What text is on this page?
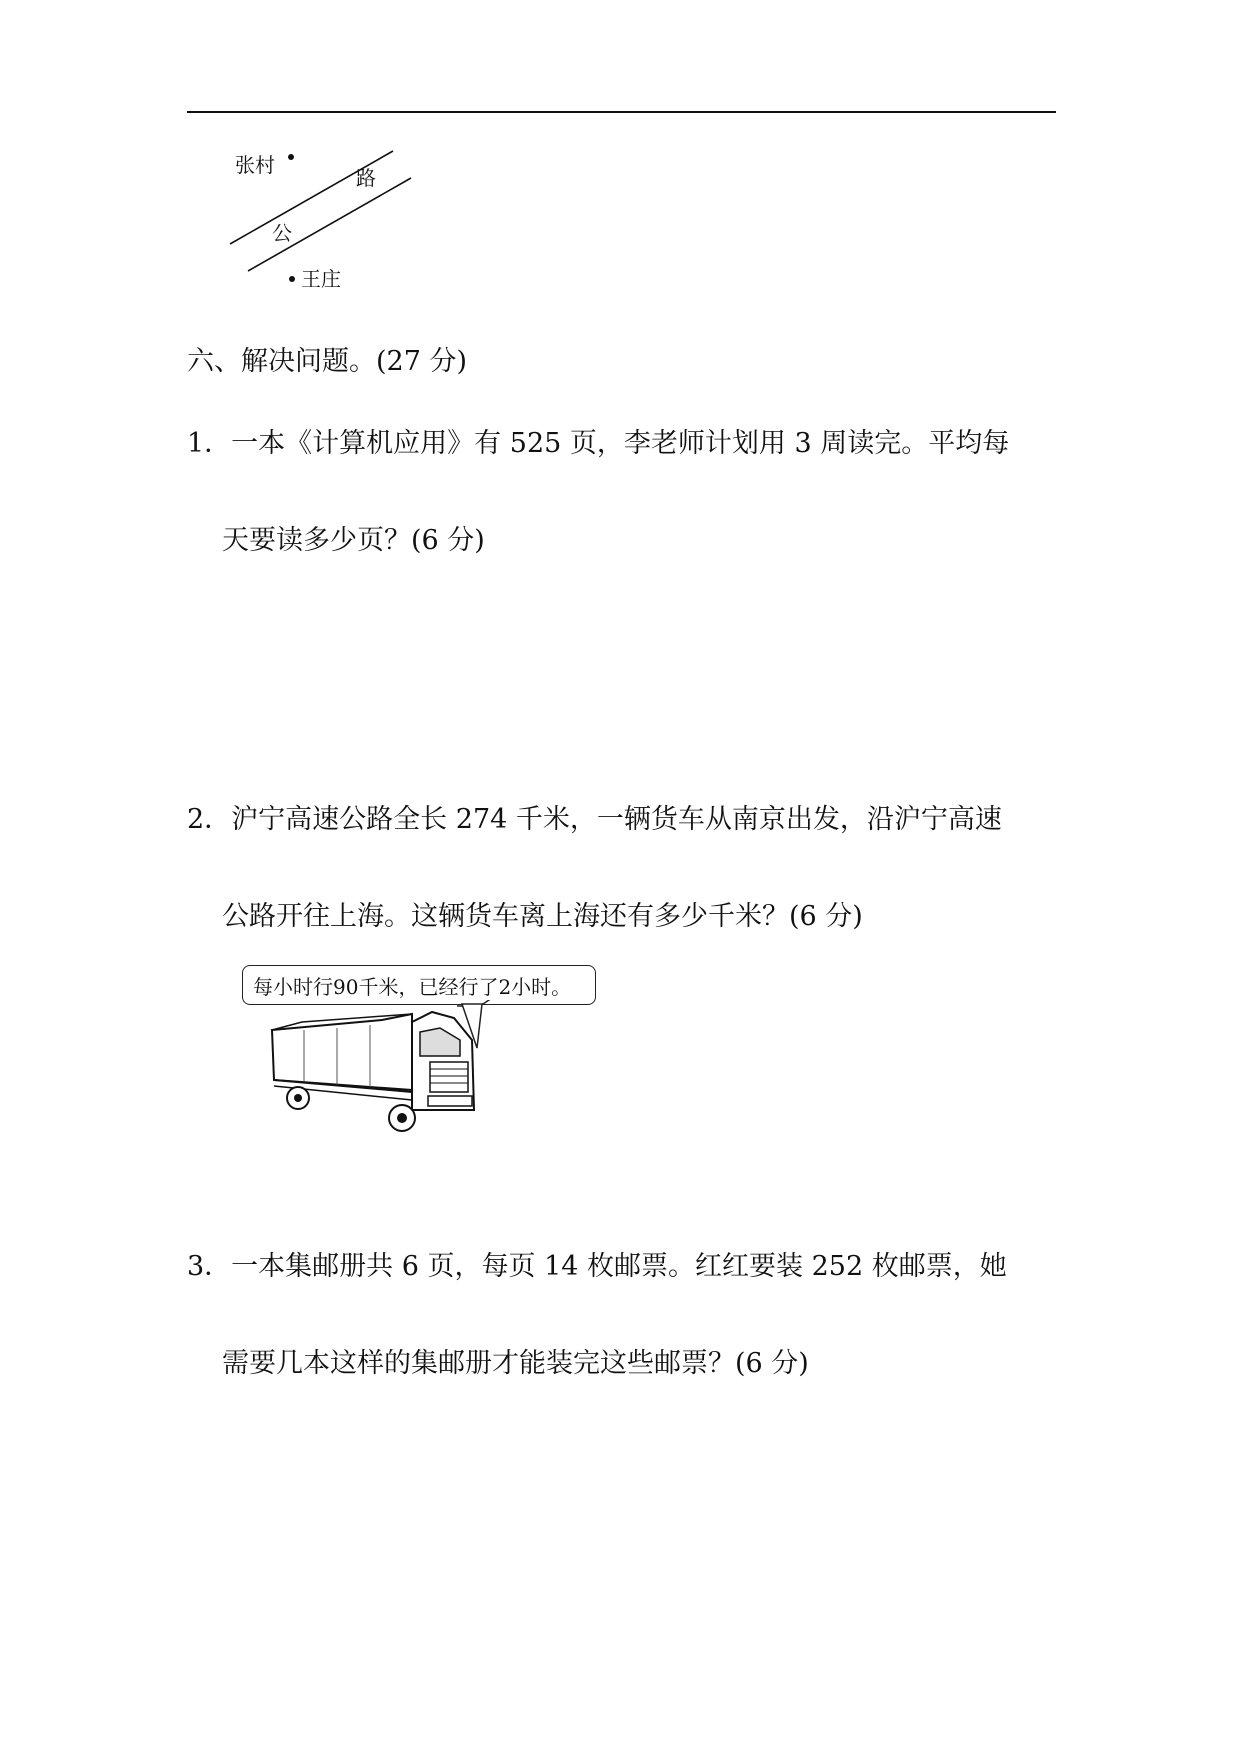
张村
王庄
公
路
六、解决问题。(27 分)
1．一本《计算机应用》有 525 页，李老师计划用 3 周读完。平均每
天要读多少页？(6 分)
2．沪宁高速公路全长 274 千米，一辆货车从南京出发，沿沪宁高速
公路开往上海。这辆货车离上海还有多少千米？(6 分)
每小时行90千米，已经行了2小时。
3．一本集邮册共 6 页，每页 14 枚邮票。红红要装 252 枚邮票，她
需要几本这样的集邮册才能装完这些邮票？(6 分)
